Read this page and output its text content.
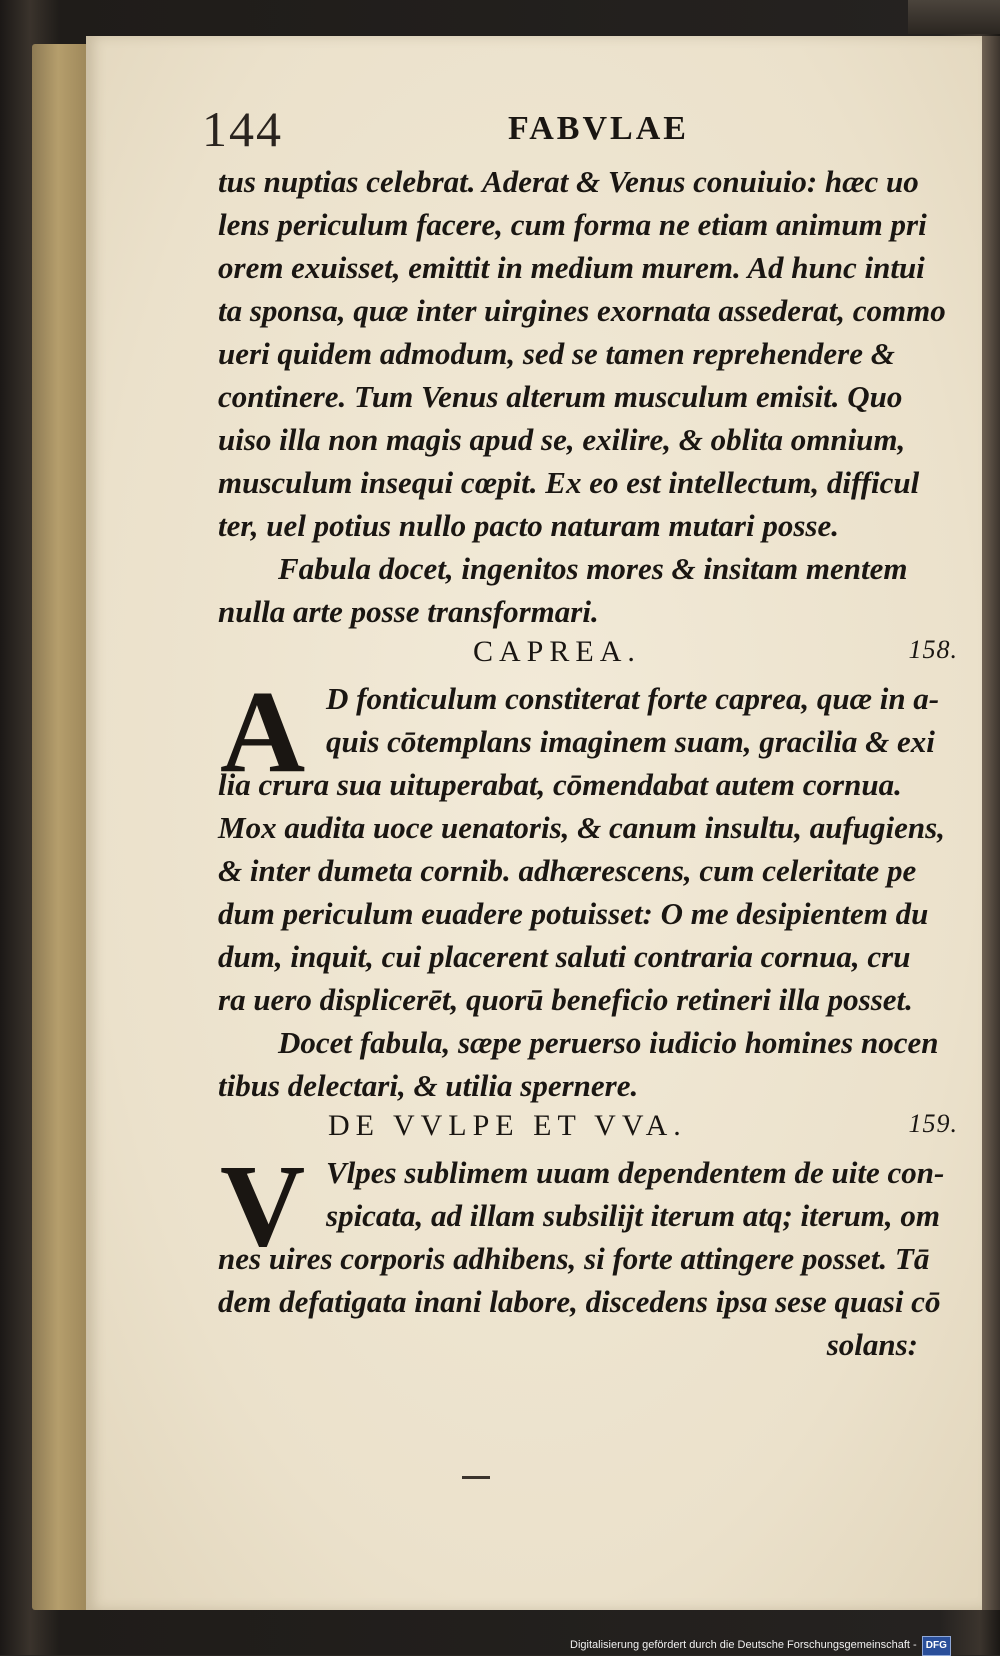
144	FABVLAE
tus nuptias celebrat. Aderat & Venus conuiuio: hæc uo
lens periculum facere, cum forma ne etiam animum pri
orem exuisset, emittit in medium murem. Ad hunc intui
ta sponsa, quæ inter uirgines exornata assederat, commo
ueri quidem admodum, sed se tamen reprehendere &
continere. Tum Venus alterum musculum emisit. Quo
uiso illa non magis apud se, exilire, & oblita omnium,
musculum insequi cœpit. Ex eo est intellectum, difficul
ter, uel potius nullo pacto naturam mutari posse.
Fabula docet, ingenitos mores & insitam mentem
nulla arte posse transformari.
CAPREA.	158.
A D fonticulum constiterat forte caprea, quæ in a-
quis cōtemplans imaginem suam, gracilia & exi
lia crura sua uituperabat, cōmendabat autem cornua.
Mox audita uoce uenatoris, & canum insultu, aufugiens,
& inter dumeta cornib. adhærescens, cum celeritate pe
dum periculum euadere potuisset: O me desipientem du
dum, inquit, cui placerent saluti contraria cornua, cru
ra uero displicerēt, quorū beneficio retineri illa posset.
Docet fabula, sæpe peruerso iudicio homines nocen
tibus delectari, & utilia spernere.
DE VVLPE ET VVA.	159.
V Vlpes sublimem uuam dependentem de uite con-
spicata, ad illam subsilijt iterum atq; iterum, om
nes uires corporis adhibens, si forte attingere posset. Tā
dem defatigata inani labore, discedens ipsa sese quasi cō
solans:
Digitalisierung gefördert durch die Deutsche Forschungsgemeinschaft - DFG
